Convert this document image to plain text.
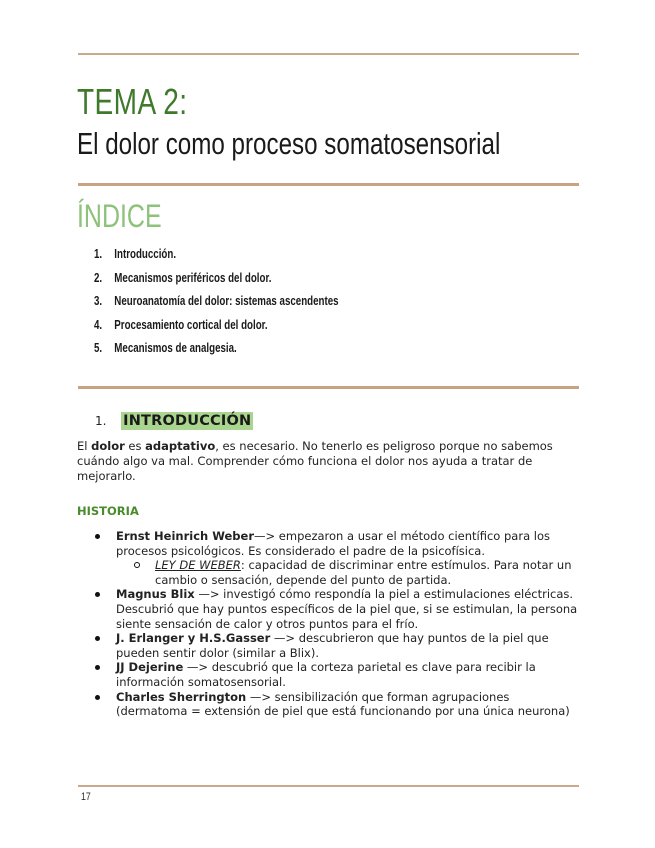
TEMA 2:
El dolor como proceso somatosensorial
ÍNDICE
1. Introducción.
2. Mecanismos periféricos del dolor.
3. Neuroanatomía del dolor: sistemas ascendentes
4. Procesamiento cortical del dolor.
5. Mecanismos de analgesia.
1. INTRODUCCIÓN

El dolor es adaptativo, es necesario. No tenerlo es peligroso porque no sabemos cuándo algo va mal. Comprender cómo funciona el dolor nos ayuda a tratar de mejorarlo.

HISTORIA
Ernst Heinrich Weber—> empezaron a usar el método científico para los procesos psicológicos. Es considerado el padre de la psicofísica.
LEY DE WEBER: capacidad de discriminar entre estímulos. Para notar un cambio o sensación, depende del punto de partida.
Magnus Blix —> investigó cómo respondía la piel a estimulaciones eléctricas. Descubrió que hay puntos específicos de la piel que, si se estimulan, la persona siente sensación de calor y otros puntos para el frío.
J. Erlanger y H.S.Gasser —> descubrieron que hay puntos de la piel que pueden sentir dolor (similar a Blix).
JJ Dejerine —> descubrió que la corteza parietal es clave para recibir la información somatosensorial.
Charles Sherrington —> sensibilización que forman agrupaciones (dermatoma = extensión de piel que está funcionando por una única neurona)
17
